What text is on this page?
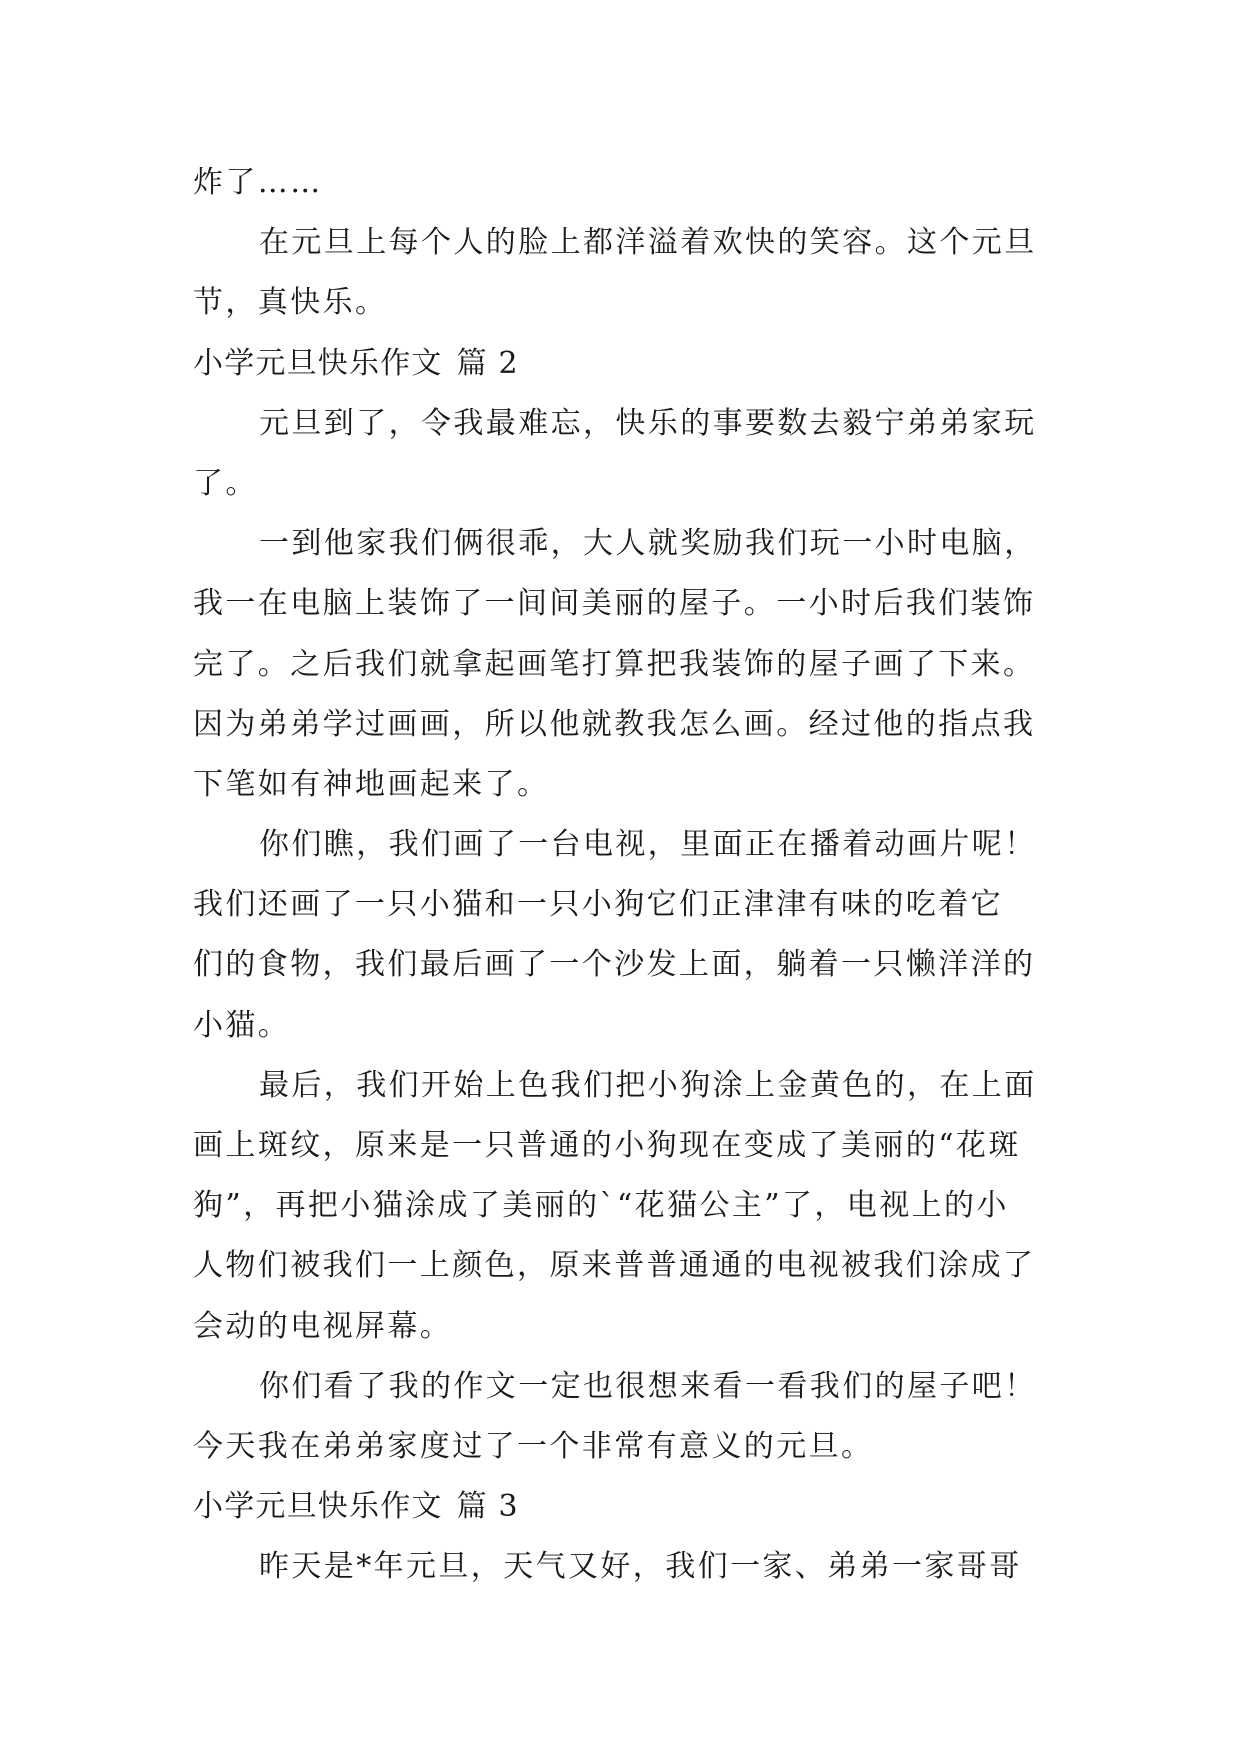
炸了……
在元旦上每个人的脸上都洋溢着欢快的笑容。这个元旦
节，真快乐。
小学元旦快乐作文 篇 2
元旦到了，令我最难忘，快乐的事要数去毅宁弟弟家玩
了。
一到他家我们俩很乖，大人就奖励我们玩一小时电脑，
我一在电脑上装饰了一间间美丽的屋子。一小时后我们装饰
完了。之后我们就拿起画笔打算把我装饰的屋子画了下来。
因为弟弟学过画画，所以他就教我怎么画。经过他的指点我
下笔如有神地画起来了。
你们瞧，我们画了一台电视，里面正在播着动画片呢！
我们还画了一只小猫和一只小狗它们正津津有味的吃着它
们的食物，我们最后画了一个沙发上面，躺着一只懒洋洋的
小猫。
最后，我们开始上色我们把小狗涂上金黄色的，在上面
画上斑纹，原来是一只普通的小狗现在变成了美丽的“花斑
狗”，再把小猫涂成了美丽的`“花猫公主”了，电视上的小
人物们被我们一上颜色，原来普普通通的电视被我们涂成了
会动的电视屏幕。
你们看了我的作文一定也很想来看一看我们的屋子吧！
今天我在弟弟家度过了一个非常有意义的元旦。
小学元旦快乐作文 篇 3
昨天是*年元旦，天气又好，我们一家、弟弟一家哥哥
